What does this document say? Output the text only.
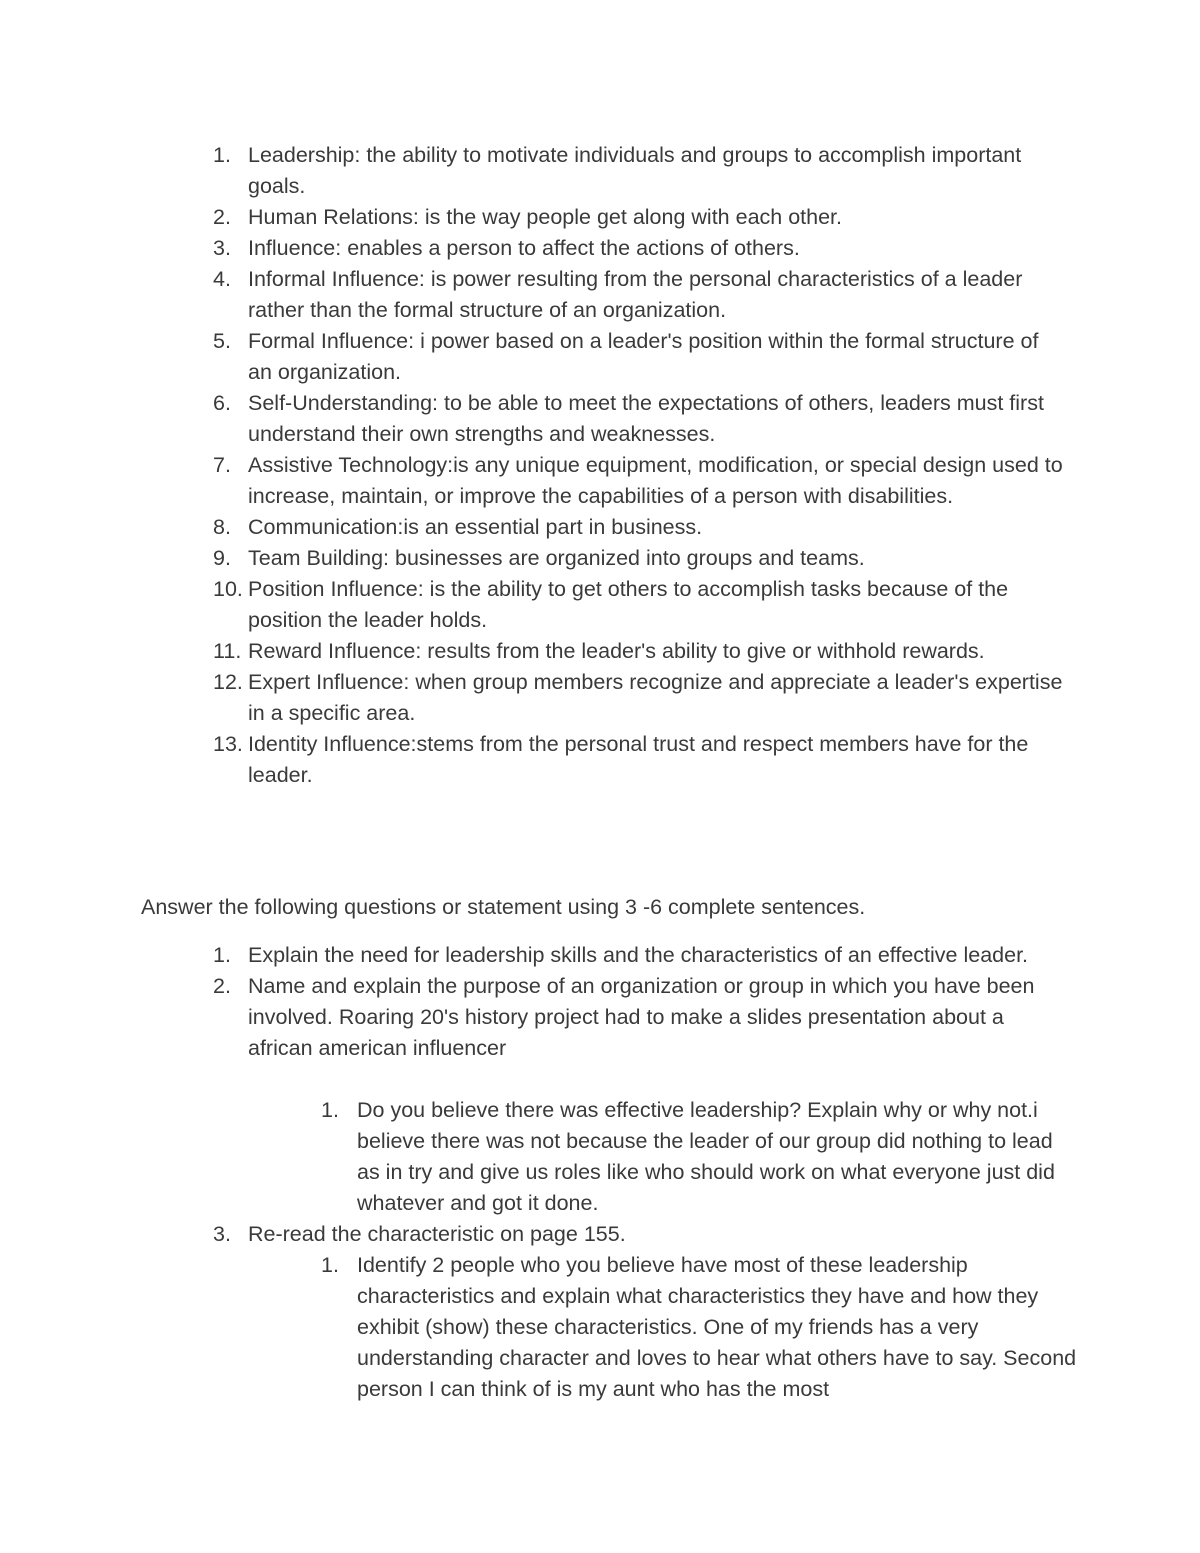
1. Leadership: the ability to motivate individuals and groups to accomplish important goals.
2. Human Relations: is the way people get along with each other.
3. Influence: enables a person to affect the actions of others.
4. Informal Influence: is power resulting from the personal characteristics of a leader rather than the formal structure of an organization.
5. Formal Influence: i power based on a leader's position within the formal structure of an organization.
6. Self-Understanding: to be able to meet the expectations of others, leaders must first understand their own strengths and weaknesses.
7. Assistive Technology:is any unique equipment, modification, or special design used to increase, maintain, or improve the capabilities of a person with disabilities.
8. Communication:is an essential part in business.
9. Team Building: businesses are organized into groups and teams.
10. Position Influence: is the ability to get others to accomplish tasks because of the position the leader holds.
11. Reward Influence: results from the leader's ability to give or withhold rewards.
12. Expert Influence: when group members recognize and appreciate a leader's expertise in a specific area.
13. Identity Influence:stems from the personal trust and respect members have for the leader.

Answer the following questions or statement using 3 -6 complete sentences.

1. Explain the need for leadership skills and the characteristics of an effective leader.
2. Name and explain the purpose of an organization or group in which you have been involved. Roaring 20's history project had to make a slides presentation about a african american influencer
1. Do you believe there was effective leadership? Explain why or why not.i believe there was not because the leader of our group did nothing to lead as in try and give us roles like who should work on what everyone just did whatever and got it done.
3. Re-read the characteristic on page 155.
1. Identify 2 people who you believe have most of these leadership characteristics and explain what characteristics they have and how they exhibit (show) these characteristics. One of my friends has a very understanding character and loves to hear what others have to say. Second person I can think of is my aunt who has the most
